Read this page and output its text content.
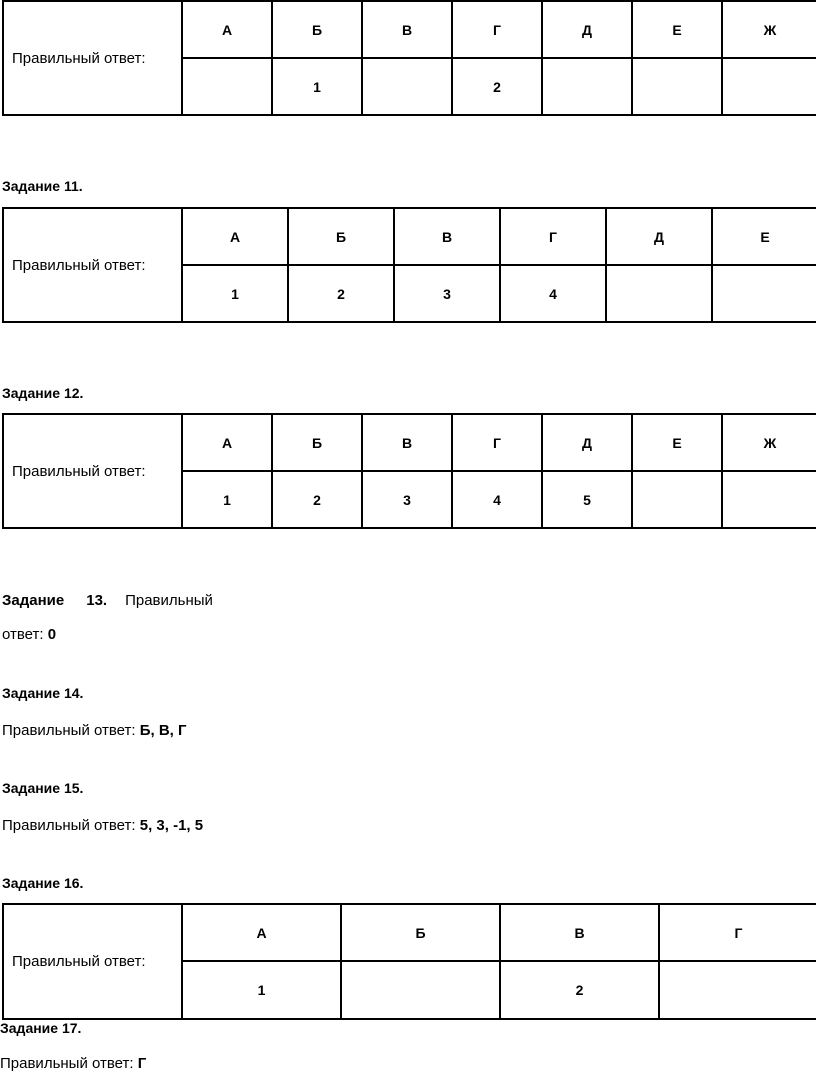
Правильный ответ:	А	Б	В	Г	Д	Е	Ж
		1		2			
Задание 11.
Правильный ответ:	А	Б	В	Г	Д	Е
	1	2	3	4		
Задание 12.
Правильный ответ:	А	Б	В	Г	Д	Е	Ж
	1	2	3	4	5		
Задание 13. Правильный
ответ: 0
Задание 14.
Правильный ответ: Б, В, Г
Задание 15.
Правильный ответ: 5, 3, -1, 5
Задание 16.
Правильный ответ:	А	Б	В	Г
	1		2	
Задание 17.
Правильный ответ: Г
